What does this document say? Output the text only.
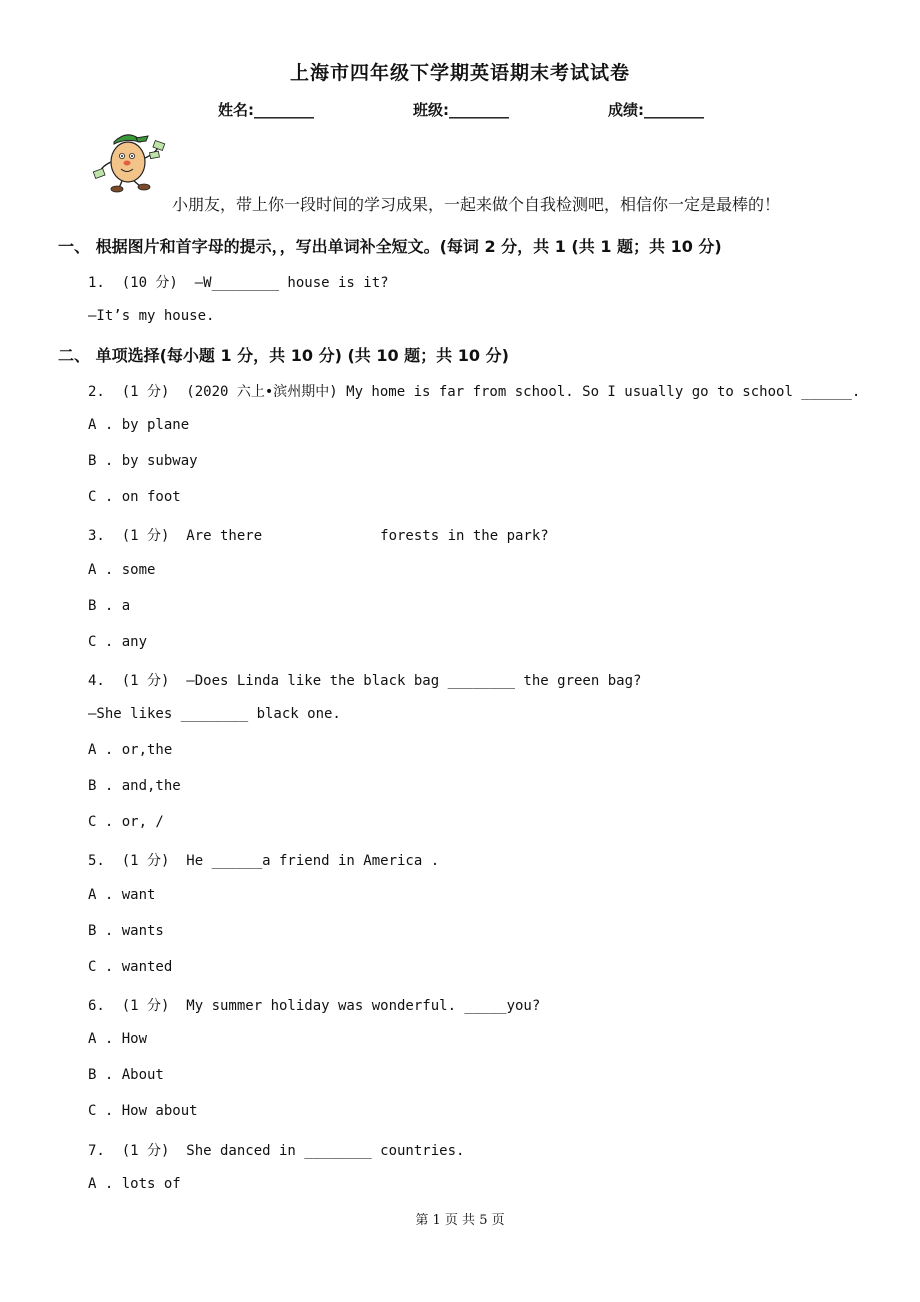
上海市四年级下学期英语期末考试试卷
姓名:________	班级:________	成绩:________
小朋友，带上你一段时间的学习成果，一起来做个自我检测吧，相信你一定是最棒的！
一、 根据图片和首字母的提示，，写出单词补全短文。(每词 2 分，共 1 (共 1 题；共 10 分)
1.  (10 分)  —W________ house is it?
—It’s my house.
二、 单项选择(每小题 1 分，共 10 分) (共 10 题；共 10 分)
2.  (1 分)  (2020 六上•滨州期中) My home is far from school. So I usually go to school ______.
A . by plane
B . by subway
C . on foot
3.  (1 分)  Are there              forests in the park?
A . some
B . a
C . any
4.  (1 分)  —Does Linda like the black bag ________ the green bag?
—She likes ________ black one.
A . or,the
B . and,the
C . or, /
5.  (1 分)  He ______a friend in America .
A . want
B . wants
C . wanted
6.  (1 分)  My summer holiday was wonderful. _____you?
A . How
B . About
C . How about
7.  (1 分)  She danced in ________ countries.
A . lots of
第 1 页 共 5 页
